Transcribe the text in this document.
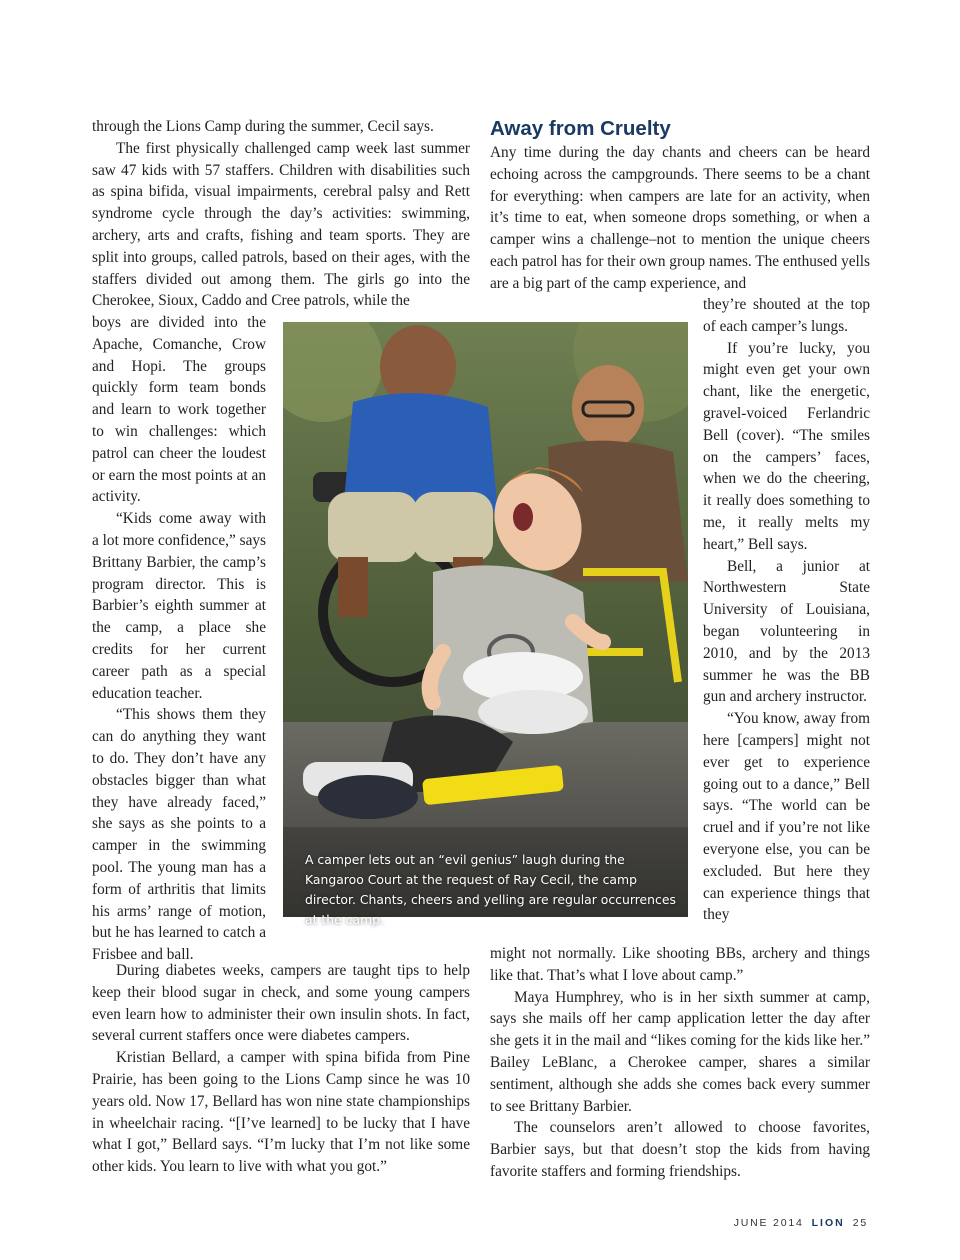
through the Lions Camp during the summer, Cecil says.

The first physically challenged camp week last summer saw 47 kids with 57 staffers. Children with disabilities such as spina bifida, visual impairments, cerebral palsy and Rett syndrome cycle through the day’s activities: swimming, archery, arts and crafts, fishing and team sports. They are split into groups, called patrols, based on their ages, with the staffers divided out among them. The girls go into the Cherokee, Sioux, Caddo and Cree patrols, while the

boys are divided into the Apache, Comanche, Crow and Hopi. The groups quickly form team bonds and learn to work together to win challenges: which patrol can cheer the loudest or earn the most points at an activity.

“Kids come away with a lot more confidence,” says Brittany Barbier, the camp’s program director. This is Barbier’s eighth summer at the camp, a place she credits for her current career path as a special education teacher.

“This shows them they can do anything they want to do. They don’t have any obstacles bigger than what they have already faced,” she says as she points to a camper in the swimming pool. The young man has a form of arthritis that limits his arms’ range of motion, but he has learned to catch a Frisbee and ball.

During diabetes weeks, campers are taught tips to help keep their blood sugar in check, and some young campers even learn how to administer their own insulin shots. In fact, several current staffers once were diabetes campers.

Kristian Bellard, a camper with spina bifida from Pine Prairie, has been going to the Lions Camp since he was 10 years old. Now 17, Bellard has won nine state championships in wheelchair racing. “[I’ve learned] to be lucky that I have what I got,” Bellard says. “I’m lucky that I’m not like some other kids. You learn to live with what you got.”

Away from Cruelty

Any time during the day chants and cheers can be heard echoing across the campgrounds. There seems to be a chant for everything: when campers are late for an activity, when it’s time to eat, when someone drops something, or when a camper wins a challenge–not to mention the unique cheers each patrol has for their own group names. The enthused yells are a big part of the camp experience, and

they’re shouted at the top of each camper’s lungs.

If you’re lucky, you might even get your own chant, like the energetic, gravel-voiced Ferlandric Bell (cover). “The smiles on the campers’ faces, when we do the cheering, it really does something to me, it really melts my heart,” Bell says.

Bell, a junior at Northwestern State University of Louisiana, began volunteering in 2010, and by the 2013 summer he was the BB gun and archery instructor.

“You know, away from here [campers] might not ever get to experience going out to a dance,” Bell says. “The world can be cruel and if you’re not like everyone else, you can be excluded. But here they can experience things that they

might not normally. Like shooting BBs, archery and things like that. That’s what I love about camp.”

Maya Humphrey, who is in her sixth summer at camp, says she mails off her camp application letter the day after she gets it in the mail and “likes coming for the kids like her.” Bailey LeBlanc, a Cherokee camper, shares a similar sentiment, although she adds she comes back every summer to see Brittany Barbier.

The counselors aren’t allowed to choose favorites, Barbier says, but that doesn’t stop the kids from having favorite staffers and forming friendships.

A camper lets out an “evil genius” laugh during the Kangaroo Court at the request of Ray Cecil, the camp director. Chants, cheers and yelling are regular occurrences at the camp.
JUNE 2014 LION 25
